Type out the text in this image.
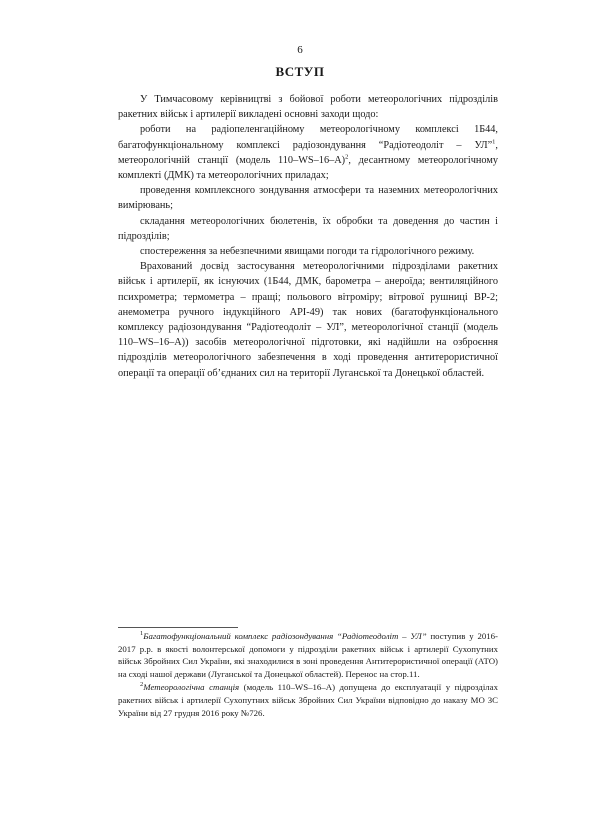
6
ВСТУП

У Тимчасовому керівництві з бойової роботи метеорологічних підрозділів ракетних військ і артилерії викладені основні заходи щодо:

роботи на радіопеленгаційному метеорологічному комплексі 1Б44, багатофункціональному комплексі радіозондування “Радіотеодоліт – УЛ”$^1$, метеорологічній станції (модель 110–WS–16–A)$^2$, десантному метеорологічному комплекті (ДМК) та метеорологічних приладах;

проведення комплексного зондування атмосфери та наземних метеорологічних вимірювань;

складання метеорологічних бюлетенів, їх обробки та доведення до частин і підрозділів;

спостереження за небезпечними явищами погоди та гідрологічного режиму.

Врахований досвід застосування метеорологічними підрозділами ракетних військ і артилерії, як існуючих (1Б44, ДМК, барометра – анероїда; вентиляційного психрометра; термометра – пращі; польового вітроміру; вітрової рушниці ВР-2; анемометра ручного індукційного АРІ-49) так нових (багатофункціонального комплексу радіозондування “Радіотеодоліт – УЛ”, метеорологічної станції (модель 110–WS–16–A)) засобів метеорологічної підготовки, які надійшли на озброєння підрозділів метеорологічного забезпечення в ході проведення антитерористичної операції та операції об’єднаних сил на території Луганської та Донецької областей.

$^1$Багатофункціональний комплекс радіозондування “Радіотеодоліт – УЛ” поступив у 2016-2017 р.р. в якості волонтерської допомоги у підрозділи ракетних військ і артилерії Сухопутних військ Збройних Сил України, які знаходилися в зоні проведення Антитерористичної операції (АТО) на сході нашої держави (Луганської та Донецької областей). Перенос на стор.11.

$^2$Метеорологічна станція (модель 110–WS–16–A) допущена до експлуатації у підрозділах ракетних військ і артилерії Сухопутних військ Збройних Сил України відповідно до наказу МО ЗС України від 27 грудня 2016 року №726.
